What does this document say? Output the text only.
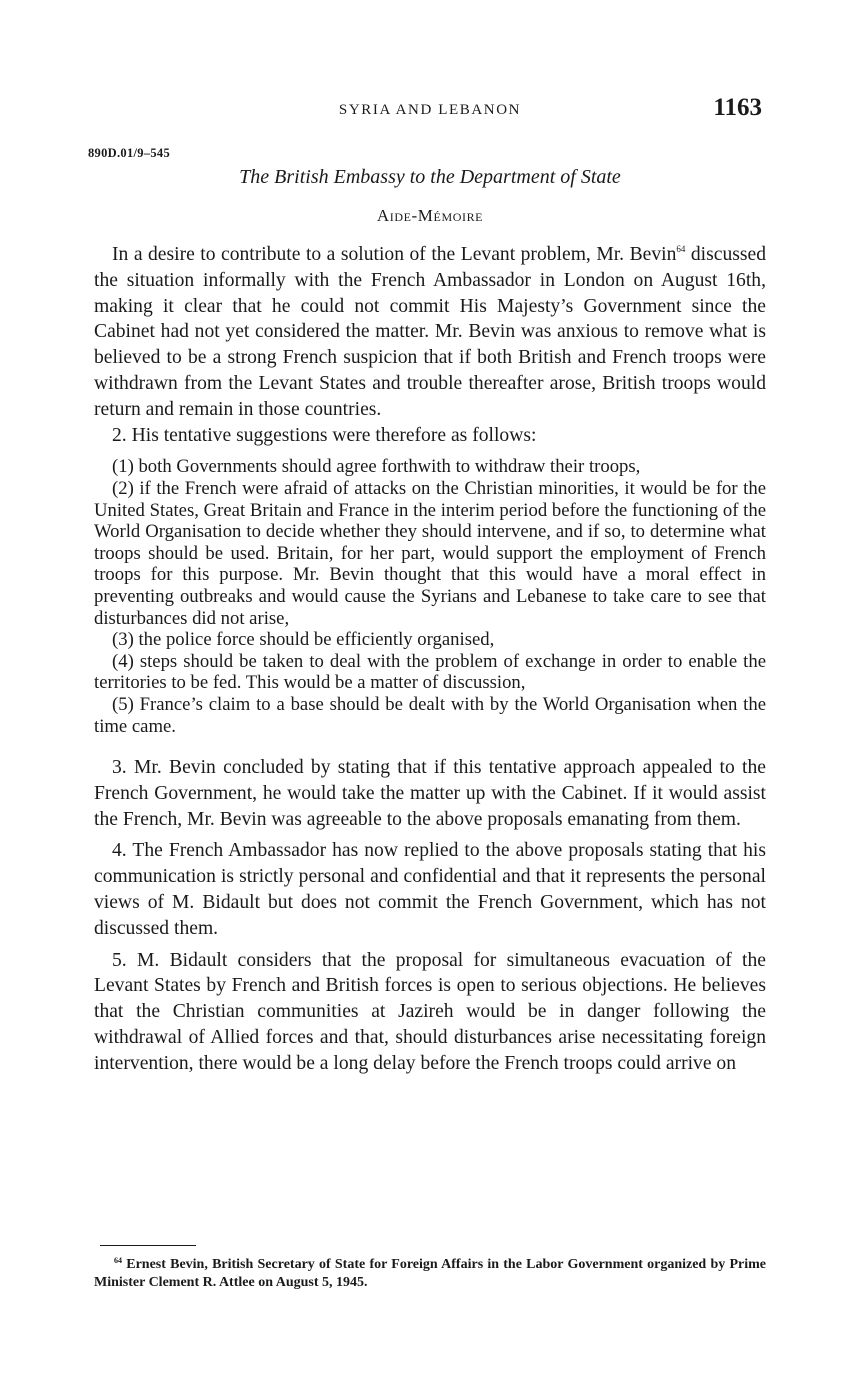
SYRIA AND LEBANON	1163
890D.01/9–545
The British Embassy to the Department of State
Aide-Mémoire

In a desire to contribute to a solution of the Levant problem, Mr. Bevin$^{64}$ discussed the situation informally with the French Ambassador in London on August 16th, making it clear that he could not commit His Majesty’s Government since the Cabinet had not yet considered the matter. Mr. Bevin was anxious to remove what is believed to be a strong French suspicion that if both British and French troops were withdrawn from the Levant States and trouble thereafter arose, British troops would return and remain in those countries.

2. His tentative suggestions were therefore as follows:

(1) both Governments should agree forthwith to withdraw their troops,

(2) if the French were afraid of attacks on the Christian minorities, it would be for the United States, Great Britain and France in the interim period before the functioning of the World Organisation to decide whether they should intervene, and if so, to determine what troops should be used. Britain, for her part, would support the employment of French troops for this purpose. Mr. Bevin thought that this would have a moral effect in preventing outbreaks and would cause the Syrians and Lebanese to take care to see that disturbances did not arise,

(3) the police force should be efficiently organised,

(4) steps should be taken to deal with the problem of exchange in order to enable the territories to be fed. This would be a matter of discussion,

(5) France’s claim to a base should be dealt with by the World Organisation when the time came.

3. Mr. Bevin concluded by stating that if this tentative approach appealed to the French Government, he would take the matter up with the Cabinet. If it would assist the French, Mr. Bevin was agreeable to the above proposals emanating from them.

4. The French Ambassador has now replied to the above proposals stating that his communication is strictly personal and confidential and that it represents the personal views of M. Bidault but does not commit the French Government, which has not discussed them.

5. M. Bidault considers that the proposal for simultaneous evacuation of the Levant States by French and British forces is open to serious objections. He believes that the Christian communities at Jazireh would be in danger following the withdrawal of Allied forces and that, should disturbances arise necessitating foreign intervention, there would be a long delay before the French troops could arrive on

$^{64}$ Ernest Bevin, British Secretary of State for Foreign Affairs in the Labor Government organized by Prime Minister Clement R. Attlee on August 5, 1945.
